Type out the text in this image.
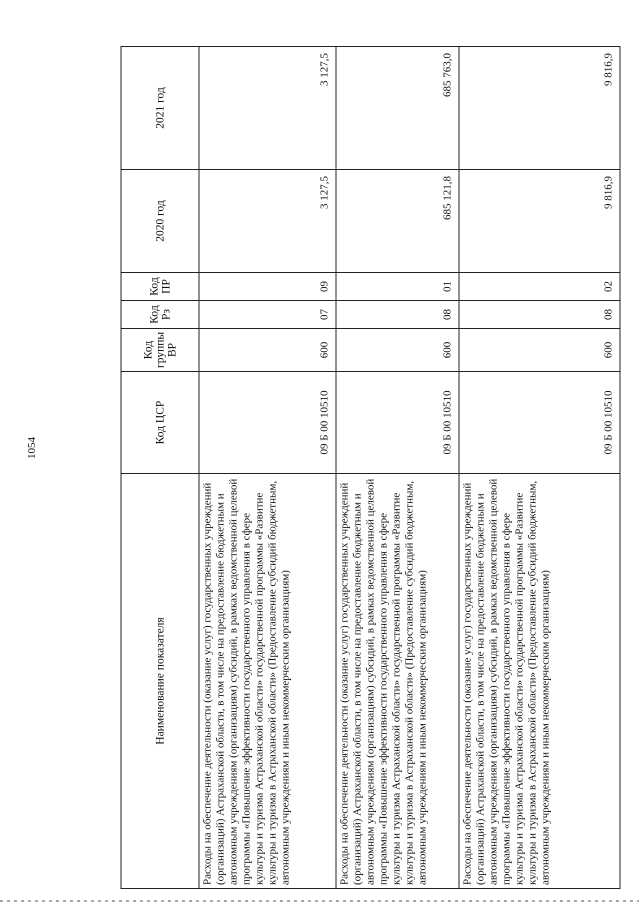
1054
Наименование показателя	Код ЦСР	Код группы ВР	Код Рз	Код ПР	2020 год	2021 год
Расходы на обеспечение деятельности (оказание услуг) государственных учреждений (организаций) Астраханской области, в том числе на предоставление бюджетным и автономным учреждениям (организациям) субсидий, в рамках ведомственной целевой программы «Повышение эффективности государственного управления в сфере культуры и туризма Астраханской области» государственной программы «Развитие культуры и туризма в Астраханской области» (Предоставление субсидий бюджетным, автономным учреждениям и иным некоммерческим организациям)	09 Б 00 10510	600	07	09	3 127,5	3 127,5
Расходы на обеспечение деятельности (оказание услуг) государственных учреждений (организаций) Астраханской области, в том числе на предоставление бюджетным и автономным учреждениям (организациям) субсидий, в рамках ведомственной целевой программы «Повышение эффективности государственного управления в сфере культуры и туризма Астраханской области» государственной программы «Развитие культуры и туризма в Астраханской области» (Предоставление субсидий бюджетным, автономным учреждениям и иным некоммерческим организациям)	09 Б 00 10510	600	08	01	685 121,8	685 763,0
Расходы на обеспечение деятельности (оказание услуг) государственных учреждений (организаций) Астраханской области, в том числе на предоставление бюджетным и автономным учреждениям (организациям) субсидий, в рамках ведомственной целевой программы «Повышение эффективности государственного управления в сфере культуры и туризма Астраханской области» государственной программы «Развитие культуры и туризма в Астраханской области» (Предоставление субсидий бюджетным, автономным учреждениям и иным некоммерческим организациям)	09 Б 00 10510	600	08	02	9 816,9	9 816,9
